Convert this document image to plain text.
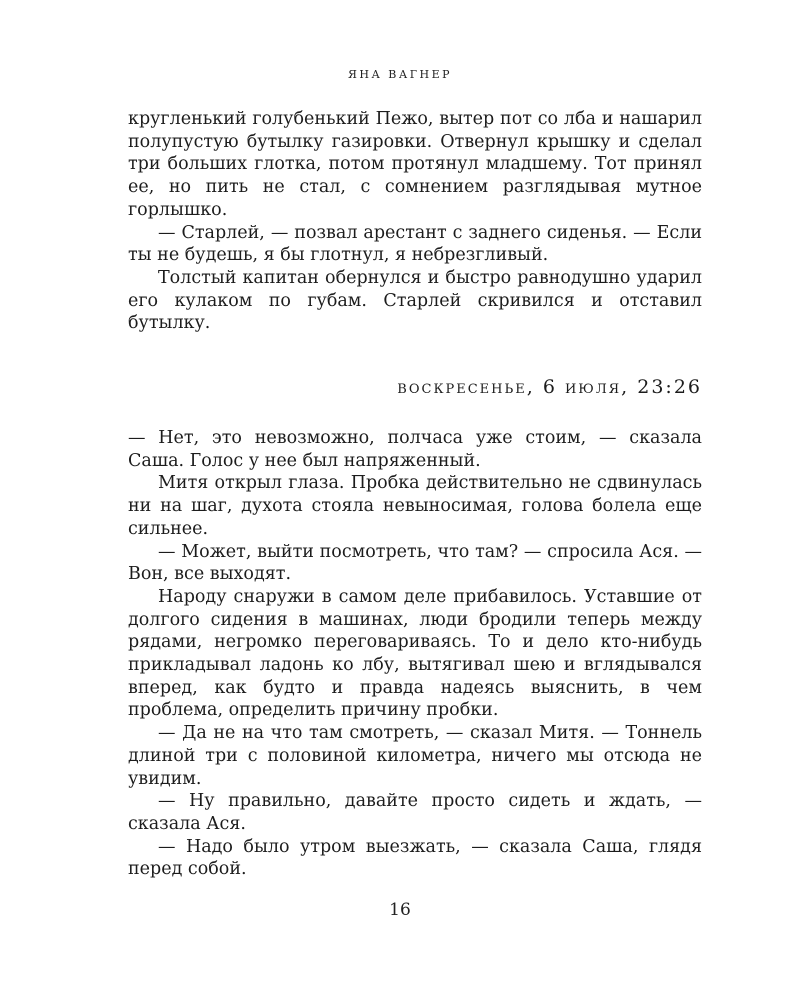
ЯНА ВАГНЕР

кругленький голубенький Пежо, вытер пот со лба и нашарил полупустую бутылку газировки. Отвернул крышку и сделал три больших глотка, потом протянул младшему. Тот принял ее, но пить не стал, с сомнением разглядывая мутное горлышко.

— Старлей, — позвал арестант с заднего сиденья. — Если ты не будешь, я бы глотнул, я небрезгливый.

Толстый капитан обернулся и быстро равнодушно ударил его кулаком по губам. Старлей скривился и отставил бутылку.

воскресенье, 6 июля, 23:26

— Нет, это невозможно, полчаса уже стоим, — сказала Саша. Голос у нее был напряженный.

Митя открыл глаза. Пробка действительно не сдвинулась ни на шаг, духота стояла невыносимая, голова болела еще сильнее.

— Может, выйти посмотреть, что там? — спросила Ася. — Вон, все выходят.

Народу снаружи в самом деле прибавилось. Уставшие от долгого сидения в машинах, люди бродили теперь между рядами, негромко переговариваясь. То и дело кто-нибудь прикладывал ладонь ко лбу, вытягивал шею и вглядывался вперед, как будто и правда надеясь выяснить, в чем проблема, определить причину пробки.

— Да не на что там смотреть, — сказал Митя. — Тоннель длиной три с половиной километра, ничего мы отсюда не увидим.

— Ну правильно, давайте просто сидеть и ждать, — сказала Ася.

— Надо было утром выезжать, — сказала Саша, глядя перед собой.

16
